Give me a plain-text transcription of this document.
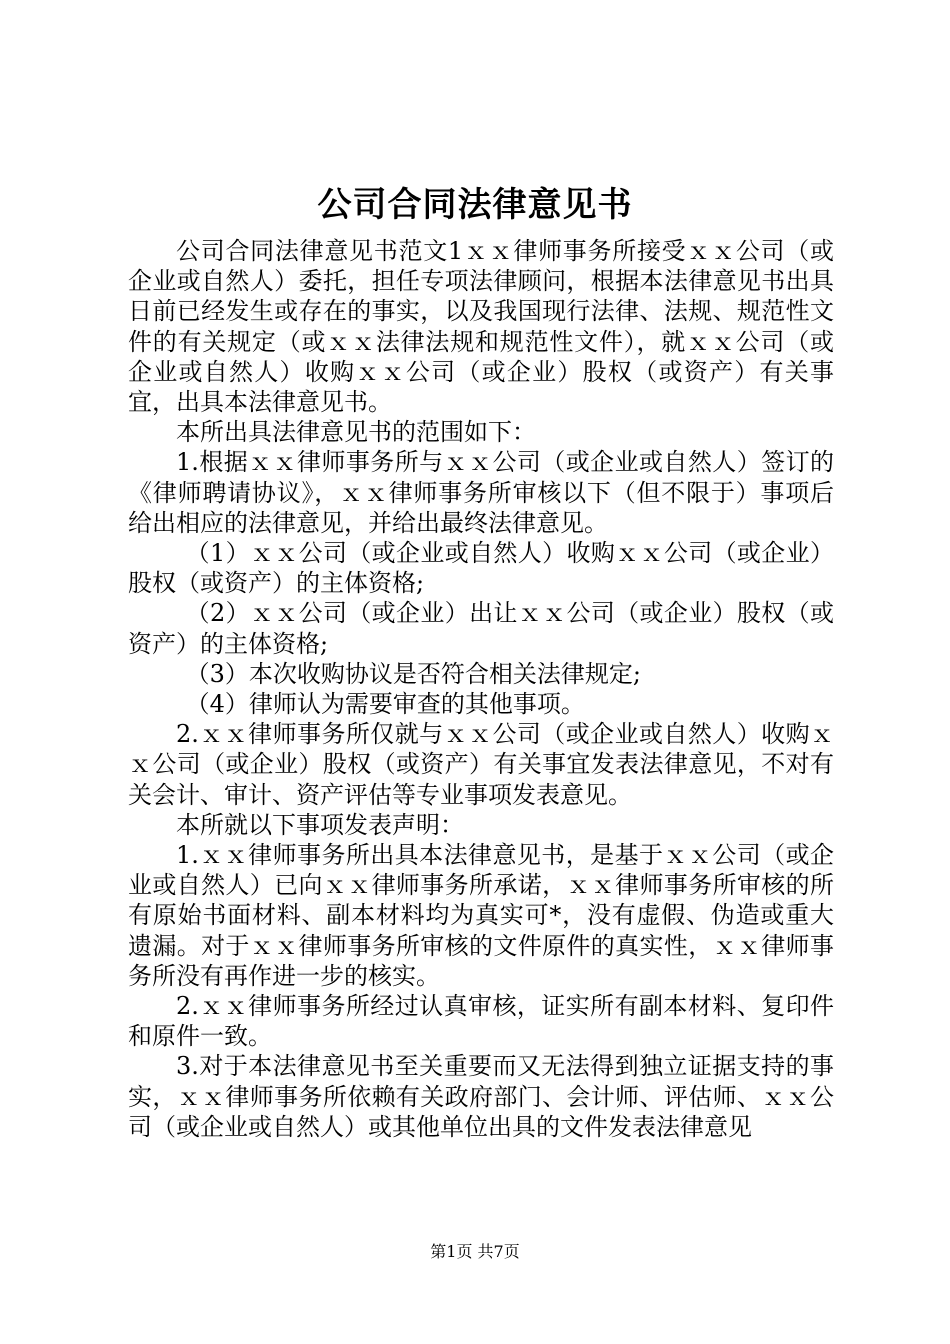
公司合同法律意见书

公司合同法律意见书范文1ｘｘ律师事务所接受ｘｘ公司（或企业或自然人）委托，担任专项法律顾问，根据本法律意见书出具日前已经发生或存在的事实，以及我国现行法律、法规、规范性文件的有关规定（或ｘｘ法律法规和规范性文件），就ｘｘ公司（或企业或自然人）收购ｘｘ公司（或企业）股权（或资产）有关事宜，出具本法律意见书。

本所出具法律意见书的范围如下：

1.根据ｘｘ律师事务所与ｘｘ公司（或企业或自然人）签订的《律师聘请协议》，ｘｘ律师事务所审核以下（但不限于）事项后给出相应的法律意见，并给出最终法律意见。

（1）ｘｘ公司（或企业或自然人）收购ｘｘ公司（或企业）股权（或资产）的主体资格;

（2）ｘｘ公司（或企业）出让ｘｘ公司（或企业）股权（或资产）的主体资格;

（3）本次收购协议是否符合相关法律规定;

（4）律师认为需要审查的其他事项。

2.ｘｘ律师事务所仅就与ｘｘ公司（或企业或自然人）收购ｘｘ公司（或企业）股权（或资产）有关事宜发表法律意见，不对有关会计、审计、资产评估等专业事项发表意见。

本所就以下事项发表声明：

1.ｘｘ律师事务所出具本法律意见书，是基于ｘｘ公司（或企业或自然人）已向ｘｘ律师事务所承诺，ｘｘ律师事务所审核的所有原始书面材料、副本材料均为真实可*，没有虚假、伪造或重大遗漏。对于ｘｘ律师事务所审核的文件原件的真实性，ｘｘ律师事务所没有再作进一步的核实。

2.ｘｘ律师事务所经过认真审核，证实所有副本材料、复印件和原件一致。

3.对于本法律意见书至关重要而又无法得到独立证据支持的事实，ｘｘ律师事务所依赖有关政府部门、会计师、评估师、ｘｘ公司（或企业或自然人）或其他单位出具的文件发表法律意见

第1页 共7页
